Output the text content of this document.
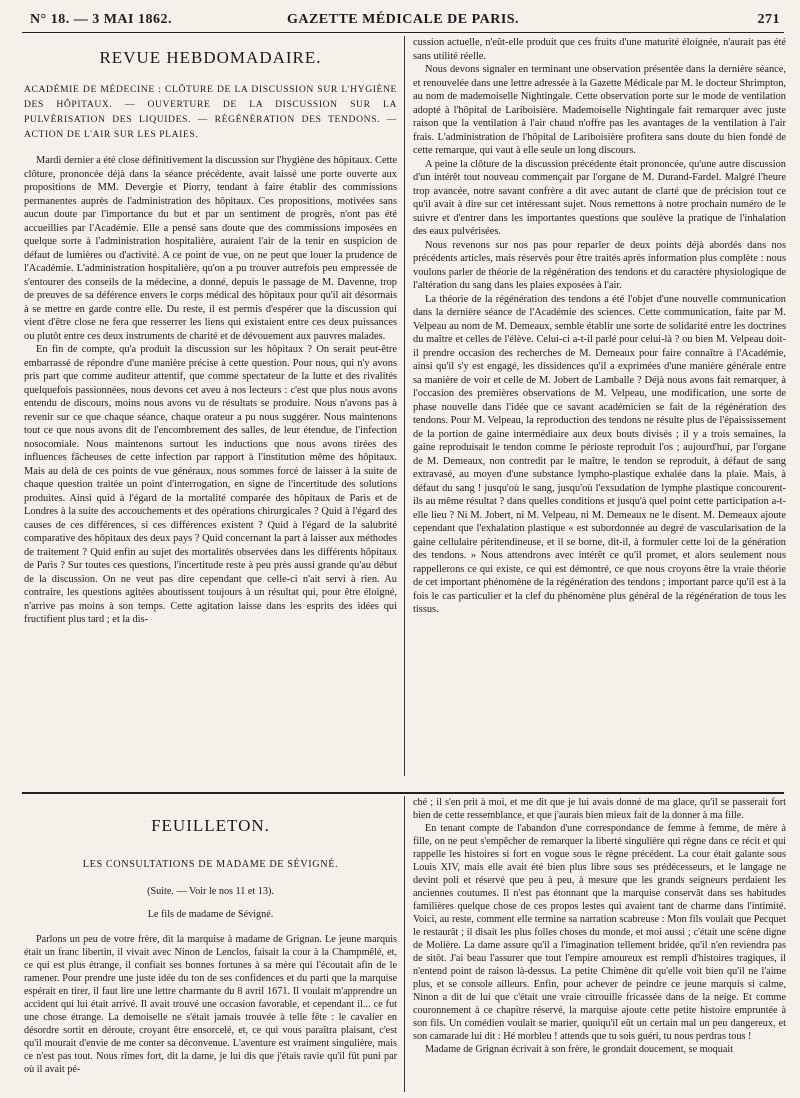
N° 18. — 3 MAI 1862.	GAZETTE MÉDICALE DE PARIS.	271
REVUE HEBDOMADAIRE.

ACADÉMIE DE MÉDECINE : CLÔTURE DE LA DISCUSSION SUR L'HYGIÈNE DES HÔPITAUX. — OUVERTURE DE LA DISCUSSION SUR LA PULVÉRISATION DES LIQUIDES. — RÉGÉNÉRATION DES TENDONS. — ACTION DE L'AIR SUR LES PLAIES.

Mardi dernier a été close définitivement la discussion sur l'hygiène des hôpitaux. Cette clôture, prononcée déjà dans la séance précédente, avait laissé une porte ouverte aux propositions de MM. Devergie et Piorry, tendant à faire établir des commissions permanentes auprès de l'administration des hôpitaux. Ces propositions, motivées sans aucun doute par l'importance du but et par un sentiment de progrès, n'ont pas été accueillies par l'Académie. Elle a pensé sans doute que des commissions imposées en quelque sorte à l'administration hospitalière, auraient l'air de la tenir en suspicion de défaut de lumières ou d'activité. A ce point de vue, on ne peut que louer la prudence de l'Académie. L'administration hospitalière, qu'on a pu trouver autrefois peu empressée de s'entourer des conseils de la médecine, a donné, depuis le passage de M. Davenne, trop de preuves de sa déférence envers le corps médical des hôpitaux pour qu'il ait désormais à se mettre en garde contre elle. Du reste, il est permis d'espérer que la discussion qui vient d'être close ne fera que resserrer les liens qui existaient entre ces deux puissances ou plutôt entre ces deux instruments de charité et de dévouement aux pauvres malades.

En fin de compte, qu'a produit la discussion sur les hôpitaux ? On serait peut-être embarrassé de répondre d'une manière précise à cette question. Pour nous, qui n'y avons pris part que comme auditeur attentif, que comme spectateur de la lutte et des rivalités quelquefois passionnées, nous devons cet aveu à nos lecteurs : c'est que plus nous avons entendu de discours, moins nous avons vu de résultats se produire. Nous n'avons pas à revenir sur ce que chaque séance, chaque orateur a pu nous suggérer. Nous maintenons tout ce que nous avons dit de l'encombrement des salles, de leur étendue, de l'infection nosocomiale. Nous maintenons surtout les inductions que nous avons tirées des influences fâcheuses de cette infection par rapport à l'institution même des hôpitaux. Mais au delà de ces points de vue généraux, nous sommes forcé de laisser à la suite de chaque question traitée un point d'interrogation, en signe de l'incertitude des solutions produites. Ainsi quid à l'égard de la mortalité comparée des hôpitaux de Paris et de Londres à la suite des accouchements et des opérations chirurgicales ? Quid à l'égard des causes de ces différences, si ces différences existent ? Quid à l'égard de la salubrité comparative des hôpitaux des deux pays ? Quid concernant la part à laisser aux méthodes de traitement ? Quid enfin au sujet des mortalités observées dans les différents hôpitaux de Paris ? Sur toutes ces questions, l'incertitude reste à peu près aussi grande qu'au début de la discussion. On ne veut pas dire cependant que celle-ci n'ait servi à rien. Au contraire, les questions agitées aboutissent toujours à un résultat qui, pour être éloigné, n'arrive pas moins à son temps. Cette agitation laisse dans les esprits des idées qui fructifient plus tard ; et la dis-

cussion actuelle, n'eût-elle produit que ces fruits d'une maturité éloignée, n'aurait pas été sans utilité réelle.

Nous devons signaler en terminant une observation présentée dans la dernière séance, et renouvelée dans une lettre adressée à la Gazette Médicale par M. le docteur Shrimpton, au nom de mademoiselle Nightingale. Cette observation porte sur le mode de ventilation adopté à l'hôpital de Lariboisière. Mademoiselle Nightingale fait remarquer avec juste raison que la ventilation à l'air chaud n'offre pas les avantages de la ventilation à l'air frais. L'administration de l'hôpital de Lariboisière profitera sans doute du bien fondé de cette remarque, qui vaut à elle seule un long discours.

A peine la clôture de la discussion précédente était prononcée, qu'une autre discussion d'un intérêt tout nouveau commençait par l'organe de M. Durand-Fardel. Malgré l'heure trop avancée, notre savant confrère a dit avec autant de clarté que de précision tout ce qu'il avait à dire sur cet intéressant sujet. Nous remettons à notre prochain numéro de le suivre et d'entrer dans les importantes questions que soulève la pratique de l'inhalation des eaux pulvérisées.

Nous revenons sur nos pas pour reparler de deux points déjà abordés dans nos précédents articles, mais réservés pour être traités après information plus complète : nous voulons parler de théorie de la régénération des tendons et du caractère physiologique de l'altération du sang dans les plaies exposées à l'air.

La théorie de la régénération des tendons a été l'objet d'une nouvelle communication dans la dernière séance de l'Académie des sciences. Cette communication, faite par M. Velpeau au nom de M. Demeaux, semble établir une sorte de solidarité entre les doctrines du maître et celles de l'élève. Celui-ci a-t-il parlé pour celui-là ? ou bien M. Velpeau doit-il prendre occasion des recherches de M. Demeaux pour faire connaître à l'Académie, ainsi qu'il s'y est engagé, les dissidences qu'il a exprimées d'une manière générale entre sa manière de voir et celle de M. Jobert de Lamballe ? Déjà nous avons fait remarquer, à l'occasion des premières observations de M. Velpeau, une modification, une sorte de phase nouvelle dans l'idée que ce savant académicien se fait de la régénération des tendons. Pour M. Velpeau, la reproduction des tendons ne résulte plus de l'épaississement de la portion de gaine intermédiaire aux deux bouts divisés ; il y a trois semaines, la gaine reproduisait le tendon comme le périoste reproduit l'os ; aujourd'hui, par l'organe de M. Demeaux, non contredit par le maître, le tendon se reproduit, à défaut de sang extravasé, au moyen d'une substance lympho-plastique exhalée dans la plaie. Mais, à défaut du sang ! jusqu'où le sang, jusqu'où l'exsudation de lymphe plastique concourent-ils au même résultat ? dans quelles conditions et jusqu'à quel point cette participation a-t-elle lieu ? Ni M. Jobert, ni M. Velpeau, ni M. Demeaux ne le disent. M. Demeaux ajoute cependant que l'exhalation plastique « est subordonnée au degré de vascularisation de la gaine cellulaire péritendineuse, et il se borne, dit-il, à formuler cette loi de la génération des tendons. » Nous attendrons avec intérêt ce qu'il promet, et alors seulement nous rappellerons ce qui existe, ce qui est démontré, ce que nous croyons être la vraie théorie de cet important phénomène de la régénération des tendons ; important parce qu'il est à la fois le cas particulier et la clef du phénomène plus général de la régénération de tous les tissus.

FEUILLETON.

LES CONSULTATIONS DE MADAME DE SÉVIGNÉ.

(Suite. — Voir le nos 11 et 13).

Le fils de madame de Sévigné.

Parlons un peu de votre frère, dit la marquise à madame de Grignan. Le jeune marquis était un franc libertin, il vivait avec Ninon de Lenclos, faisait la cour à la Champmêlé, et, ce qui est plus étrange, il confiait ses bonnes fortunes à sa mère qui l'écoutait afin de le ramener. Pour prendre une juste idée du ton de ses confidences et du parti que la marquise espérait en tirer, il faut lire une lettre charmante du 8 avril 1671. Il voulait m'apprendre un accident qui lui était arrivé. Il avait trouvé une occasion favorable, et cependant il... ce fut une chose étrange. La demoiselle ne s'était jamais trouvée à telle fête : le cavalier en désordre sortit en déroute, croyant être ensorcelé, et, ce qui vous paraîtra plaisant, c'est qu'il mourait d'envie de me conter sa déconvenue. L'aventure est vraiment singulière, mais ce n'est pas tout. Nous rîmes fort, dit la dame, je lui dis que j'étais ravie qu'il fût puni par où il avait pé-

ché ; il s'en prit à moi, et me dit que je lui avais donné de ma glace, qu'il se passerait fort bien de cette ressemblance, et que j'aurais bien mieux fait de la donner à ma fille.

En tenant compte de l'abandon d'une correspondance de femme à femme, de mère à fille, on ne peut s'empêcher de remarquer la liberté singulière qui règne dans ce récit et qui rappelle les histoires si fort en vogue sous le règne précédent. La cour était galante sous Louis XIV, mais elle avait été bien plus libre sous ses prédécesseurs, et le langage ne devint poli et réservé que peu à peu, à mesure que les grands seigneurs perdaient les anciennes coutumes. Il n'est pas étonnant que la marquise conservât dans ses habitudes familières quelque chose de ces propos lestes qui avaient tant de charme dans l'intimité. Voici, au reste, comment elle termine sa narration scabreuse : Mon fils voulait que Pecquet le restaurât ; il disait les plus folles choses du monde, et moi aussi ; c'était une scène digne de Molière. La dame assure qu'il a l'imagination tellement bridée, qu'il n'en reviendra pas de sitôt. J'ai beau l'assurer que tout l'empire amoureux est rempli d'histoires tragiques, il n'entend point de raison là-dessus. La petite Chimène dit qu'elle voit bien qu'il ne l'aime plus, et se console ailleurs. Enfin, pour achever de peindre ce jeune marquis si calme, Ninon a dit de lui que c'était une vraie citrouille fricassée dans de la neige. Et comme couronnement à ce chapitre réservé, la marquise ajoute cette petite histoire empruntée à son fils. Un comédien voulait se marier, quoiqu'il eût un certain mal un peu dangereux, et son camarade lui dit : Hé morbleu ! attends que tu sois guéri, tu nous perdras tous !

Madame de Grignan écrivait à son frère, le grondait doucement, se moquait
